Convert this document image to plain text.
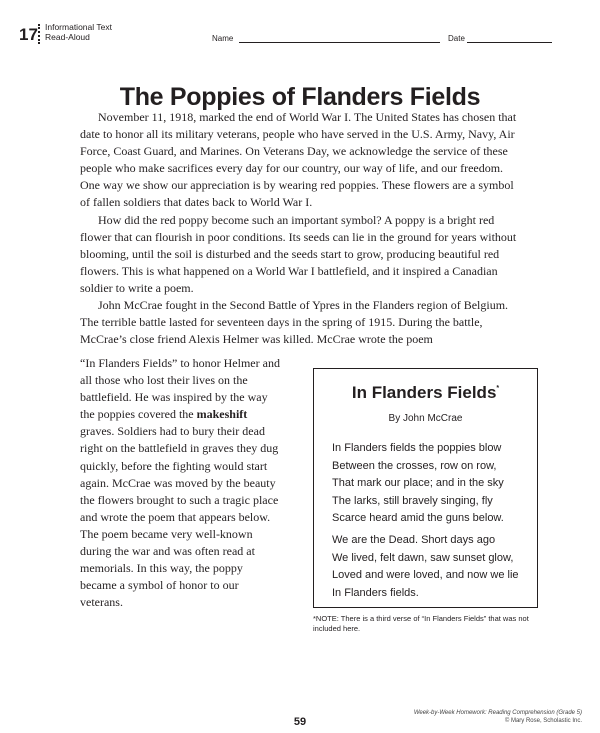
17 Informational Text
Read-Aloud	Name	Date
The Poppies of Flanders Fields

November 11, 1918, marked the end of World War I. The United States has chosen that date to honor all its military veterans, people who have served in the U.S. Army, Navy, Air Force, Coast Guard, and Marines. On Veterans Day, we acknowledge the service of these people who make sacrifices every day for our country, our way of life, and our freedom. One way we show our appreciation is by wearing red poppies. These flowers are a symbol of fallen soldiers that dates back to World War I.

How did the red poppy become such an important symbol? A poppy is a bright red flower that can flourish in poor conditions. Its seeds can lie in the ground for years without blooming, until the soil is disturbed and the seeds start to grow, producing beautiful red flowers. This is what happened on a World War I battlefield, and it inspired a Canadian soldier to write a poem.

John McCrae fought in the Second Battle of Ypres in the Flanders region of Belgium. The terrible battle lasted for seventeen days in the spring of 1915. During the battle, McCrae’s close friend Alexis Helmer was killed. McCrae wrote the poem

“In Flanders Fields” to honor Helmer and all those who lost their lives on the battlefield. He was inspired by the way the poppies covered the makeshift graves. Soldiers had to bury their dead right on the battlefield in graves they dug quickly, before the fighting would start again. McCrae was moved by the beauty the flowers brought to such a tragic place and wrote the poem that appears below. The poem became very well-known during the war and was often read at memorials. In this way, the poppy became a symbol of honor to our veterans.

In Flanders Fields*
By John McCrae
In Flanders fields the poppies blow
Between the crosses, row on row,
That mark our place; and in the sky
The larks, still bravely singing, fly
Scarce heard amid the guns below.
We are the Dead. Short days ago
We lived, felt dawn, saw sunset glow,
Loved and were loved, and now we lie
In Flanders fields.
*NOTE: There is a third verse of “In Flanders Fields” that was not included here.
59
Week-by-Week Homework: Reading Comprehension (Grade 5)
© Mary Rose, Scholastic Inc.
